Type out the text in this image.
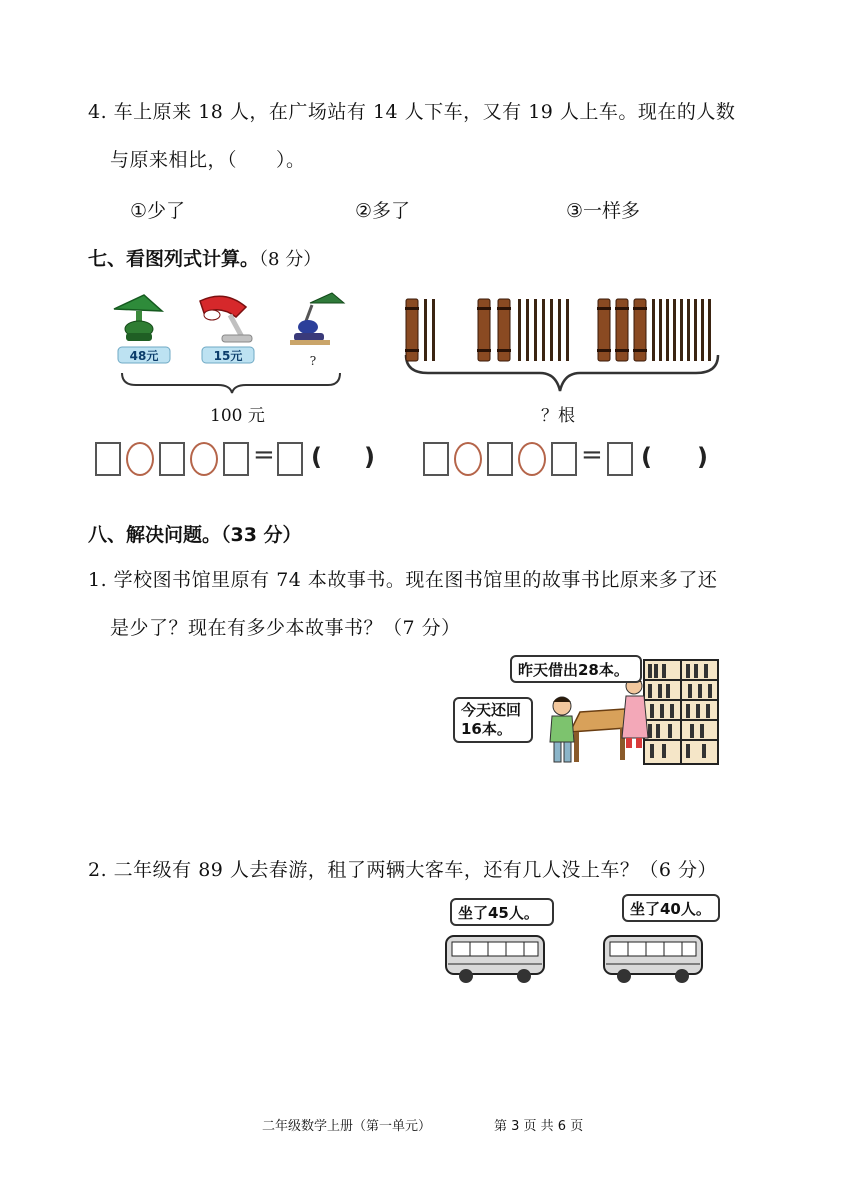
4. 车上原来 18 人，在广场站有 14 人下车，又有 19 人上车。现在的人数
与原来相比，（　　）。
①少了	②多了	③一样多
七、看图列式计算。（8 分）
48元	15元	?
100 元	？根
= ( )	= ( )
八、解决问题。（33 分）
1. 学校图书馆里原有 74 本故事书。现在图书馆里的故事书比原来多了还
是少了？现在有多少本故事书？（7 分）
昨天借出28本。
今天还回
16本。
2. 二年级有 89 人去春游，租了两辆大客车，还有几人没上车？（6 分）
坐了45人。	坐了40人。
二年级数学上册（第一单元）	第 3 页 共 6 页
